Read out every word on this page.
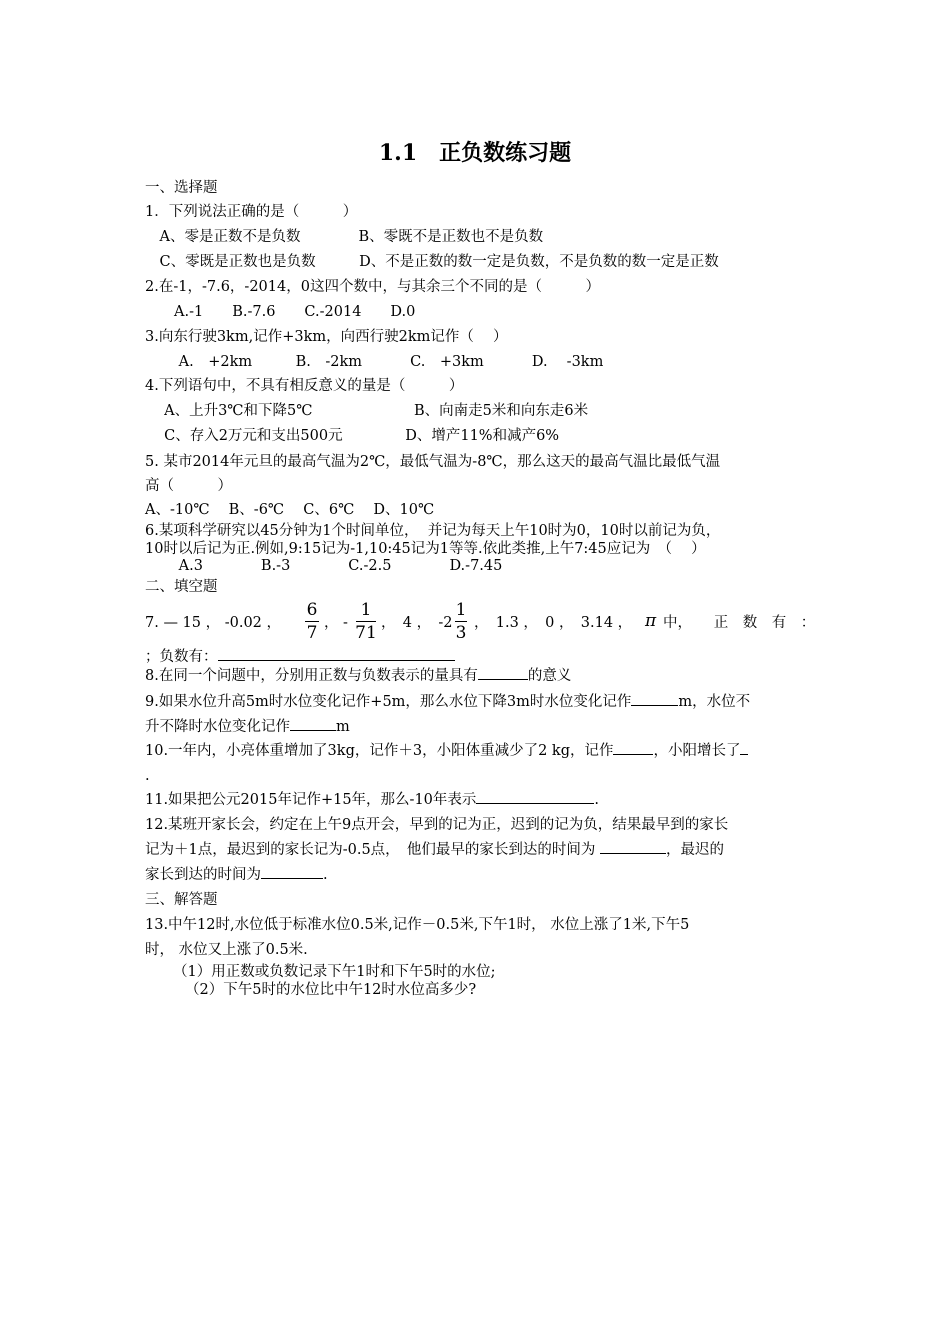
1.1　正负数练习题
一、选择题
1．下列说法正确的是（　　　）
　A、零是正数不是负数　　　　B、零既不是正数也不是负数
　C、零既是正数也是负数　　　D、不是正数的数一定是负数，不是负数的数一定是正数
2.在-1，-7.6，-2014，0这四个数中，与其余三个不同的是（　　　）
　　A.-1　　B.-7.6　　C.-2014　　D.0
3.向东行驶3km,记作+3km，向西行驶2km记作（　 ）
　　 A.　+2km　　　B.　-2km　　　 C.　+3km　　　 D.　 -3km
4.下列语句中，不具有相反意义的量是（　　　）
　 A、上升3℃和下降5℃　　　　　　　B、向南走5米和向东走6米
　 C、存入2万元和支出500元　　　　 D、增产11%和减产6%
5. 某市2014年元旦的最高气温为2℃，最低气温为-8℃，那么这天的最高气温比最低气温
高（　　　）
A、-10℃　 B、-6℃　 C、6℃　 D、10℃
6.某项科学研究以45分钟为1个时间单位，  并记为每天上午10时为0，10时以前记为负，
10时以后记为正.例如,9:15记为-1,10:45记为1等等.依此类推,上午7:45应记为　（　 ）
　　 A.3　　　　B.-3　　　　C.-2.5　　　　D.-7.45
二、填空题
7. — 15 ， -0.02 ，
6
7 ， -
1
71 ，　4 ，　-2
1
3 ，　1.3 ，　0 ，　3.14 ， π 中，　　正　数　有　：
；负数有：
8.在同一个问题中，分别用正数与负数表示的量具有	的意义
9.如果水位升高5m时水位变化记作+5m，那么水位下降3m时水位变化记作	m，水位不
升不降时水位变化记作	m
10.一年内，小亮体重增加了3kg，记作＋3，小阳体重减少了2 kg，记作	，小阳增长了
.
11.如果把公元2015年记作+15年，那么-10年表示	.
12.某班开家长会，约定在上午9点开会，早到的记为正，迟到的记为负，结果最早到的家长
记为＋1点，最迟到的家长记为-0.5点，　他们最早的家长到达的时间为	，最迟的
家长到达的时间为	.
三、解答题
13.中午12时,水位低于标准水位0.5米,记作－0.5米,下午1时， 水位上涨了1米,下午5
时， 水位又上涨了0.5米.
（1）用正数或负数记录下午1时和下午5时的水位;
（2）下午5时的水位比中午12时水位高多少?
